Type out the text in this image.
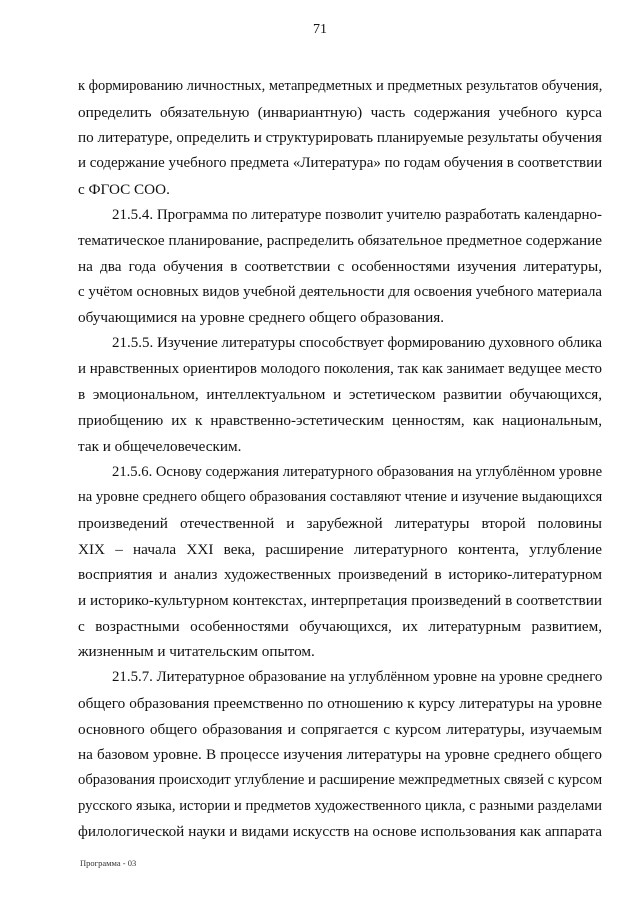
71

к формированию личностных, метапредметных и предметных результатов обучения,
определить обязательную (инвариантную) часть содержания учебного курса
по литературе, определить и структурировать планируемые результаты обучения
и содержание учебного предмета «Литература» по годам обучения в соответствии
с ФГОС СОО.

21.5.4. Программа по литературе позволит учителю разработать календарно-
тематическое планирование, распределить обязательное предметное содержание
на два года обучения в соответствии с особенностями изучения литературы,
с учётом основных видов учебной деятельности для освоения учебного материала
обучающимися на уровне среднего общего образования.

21.5.5. Изучение литературы способствует формированию духовного облика
и нравственных ориентиров молодого поколения, так как занимает ведущее место
в эмоциональном, интеллектуальном и эстетическом развитии обучающихся,
приобщению их к нравственно-эстетическим ценностям, как национальным,
так и общечеловеческим.

21.5.6. Основу содержания литературного образования на углублённом уровне
на уровне среднего общего образования составляют чтение и изучение выдающихся
произведений отечественной и зарубежной литературы второй половины
XIX – начала XXI века, расширение литературного контента, углубление
восприятия и анализ художественных произведений в историко-литературном
и историко-культурном контекстах, интерпретация произведений в соответствии
с возрастными особенностями обучающихся, их литературным развитием,
жизненным и читательским опытом.

21.5.7. Литературное образование на углублённом уровне на уровне среднего
общего образования преемственно по отношению к курсу литературы на уровне
основного общего образования и сопрягается с курсом литературы, изучаемым
на базовом уровне. В процессе изучения литературы на уровне среднего общего
образования происходит углубление и расширение межпредметных связей с курсом
русского языка, истории и предметов художественного цикла, с разными разделами
филологической науки и видами искусств на основе использования как аппарата

Программа - 03
